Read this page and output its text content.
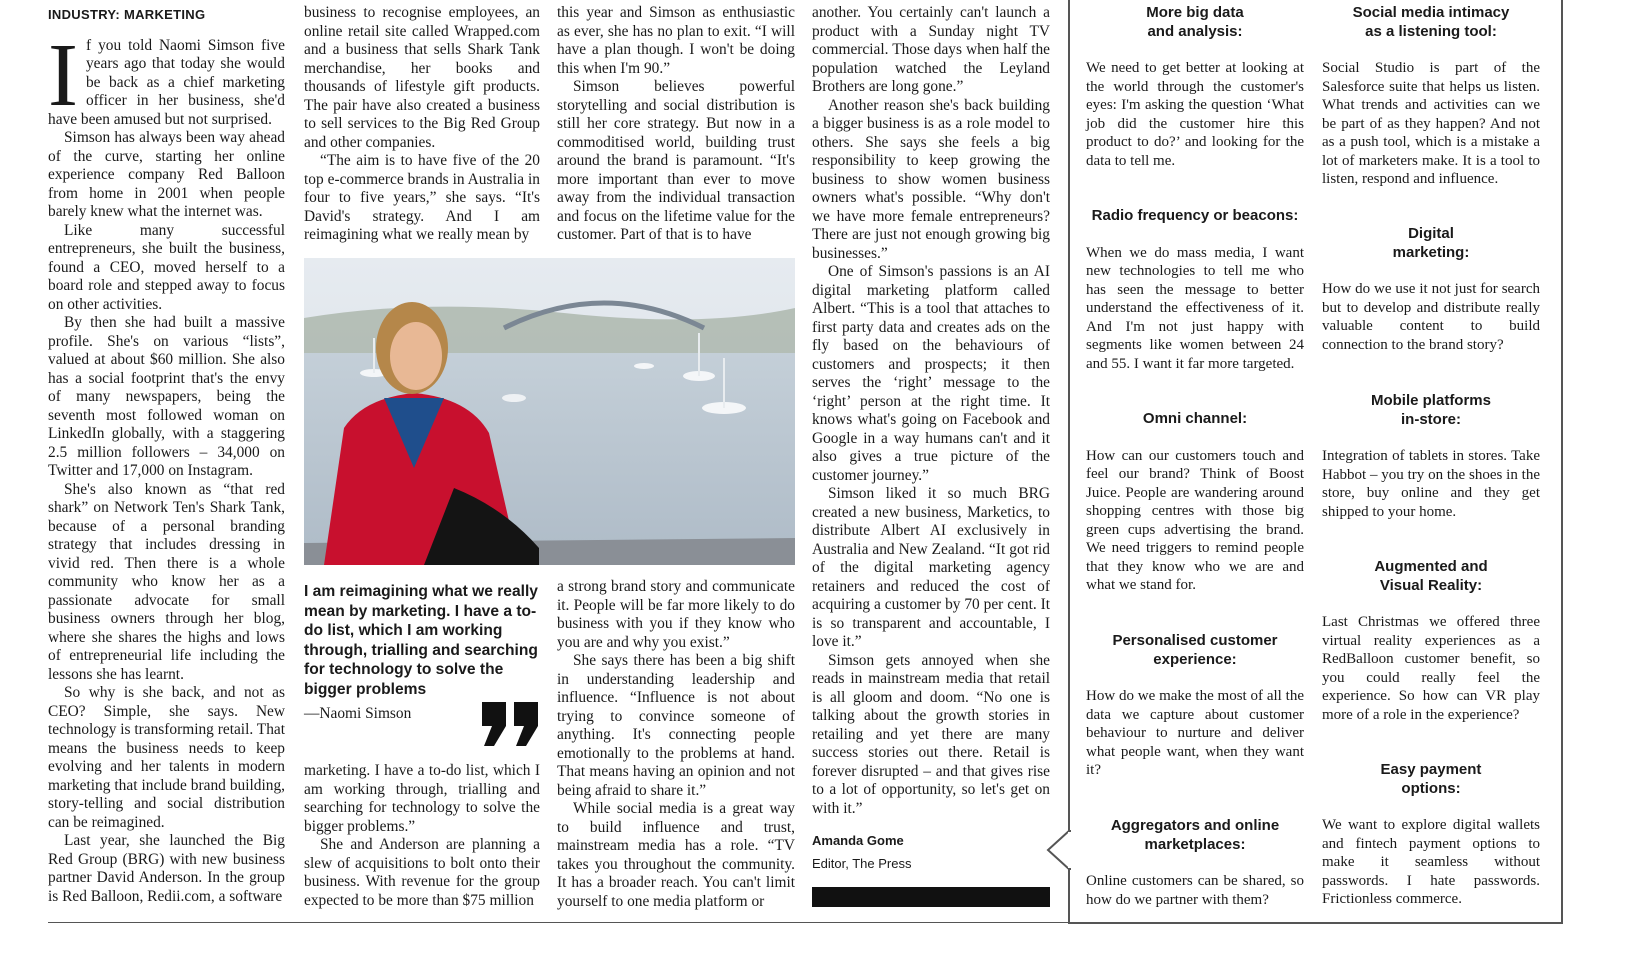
INDUSTRY: MARKETING
I f you told Naomi Simson five years ago that today she would be back as a chief marketing officer in her business, she'd have been amused but not surprised.

Simson has always been way ahead of the curve, starting her online experience company Red Balloon from home in 2001 when people barely knew what the internet was.

Like many successful entrepreneurs, she built the business, found a CEO, moved herself to a board role and stepped away to focus on other activities.

By then she had built a massive profile. She's on various “lists”, valued at about $60 million. She also has a social footprint that's the envy of many newspapers, being the seventh most followed woman on LinkedIn globally, with a staggering 2.5 million followers – 34,000 on Twitter and 17,000 on Instagram.

She's also known as “that red shark” on Network Ten's Shark Tank, because of a personal branding strategy that includes dressing in vivid red. Then there is a whole community who know her as a passionate advocate for small business owners through her blog, where she shares the highs and lows of entrepreneurial life including the lessons she has learnt.

So why is she back, and not as CEO? Simple, she says. New technology is transforming retail. That means the business needs to keep evolving and her talents in modern marketing that include brand building, story-telling and social distribution can be reimagined.

Last year, she launched the Big Red Group (BRG) with new business partner David Anderson. In the group is Red Balloon, Redii.com, a software

business to recognise employees, an online retail site called Wrapped.com and a business that sells Shark Tank merchandise, her books and thousands of lifestyle gift products. The pair have also created a business to sell services to the Big Red Group and other companies.

“The aim is to have five of the 20 top e-commerce brands in Australia in four to five years,” she says. “It's David's strategy. And I am reimagining what we really mean by

this year and Simson as enthusiastic as ever, she has no plan to exit. “I will have a plan though. I won't be doing this when I'm 90.”

Simson believes powerful storytelling and social distribution is still her core strategy. But now in a commoditised world, building trust around the brand is paramount. “It's more important than ever to move away from the individual transaction and focus on the lifetime value for the customer. Part of that is to have

I am reimagining what we really mean by marketing. I have a to-do list, which I am working through, trialling and searching for technology to solve the bigger problems
—Naomi Simson

marketing. I have a to-do list, which I am working through, trialling and searching for technology to solve the bigger problems.”

She and Anderson are planning a slew of acquisitions to bolt onto their business. With revenue for the group expected to be more than $75 million

a strong brand story and communicate it. People will be far more likely to do business with you if they know who you are and why you exist.”

She says there has been a big shift in understanding leadership and influence. “Influence is not about trying to convince someone of anything. It's connecting people emotionally to the problems at hand. That means having an opinion and not being afraid to share it.”

While social media is a great way to build influence and trust, mainstream media has a role. “TV takes you throughout the community. It has a broader reach. You can't limit yourself to one media platform or

another. You certainly can't launch a product with a Sunday night TV commercial. Those days when half the population watched the Leyland Brothers are long gone.”

Another reason she's back building a bigger business is as a role model to others. She says she feels a big responsibility to keep growing the business to show women business owners what's possible. “Why don't we have more female entrepreneurs? There are just not enough growing big businesses.”

One of Simson's passions is an AI digital marketing platform called Albert. “This is a tool that attaches to first party data and creates ads on the fly based on the behaviours of customers and prospects; it then serves the ‘right’ message to the ‘right’ person at the right time. It knows what's going on Facebook and Google in a way humans can't and it also gives a true picture of the customer journey.”

Simson liked it so much BRG created a new business, Marketics, to distribute Albert AI exclusively in Australia and New Zealand. “It got rid of the digital marketing agency retainers and reduced the cost of acquiring a customer by 70 per cent. It is so transparent and accountable, I love it.”

Simson gets annoyed when she reads in mainstream media that retail is all gloom and doom. “No one is talking about the growth stories in retailing and yet there are many success stories out there. Retail is forever disrupted – and that gives rise to a lot of opportunity, so let's get on with it.”

Amanda Gome
Editor, The Press
More big data
and analysis:

We need to get better at looking at the world through the customer's eyes: I'm asking the question ‘What job did the customer hire this product to do?’ and looking for the data to tell me.

Radio frequency or beacons:

When we do mass media, I want new technologies to tell me who has seen the message to better understand the effectiveness of it. And I'm not just happy with segments like women between 24 and 55. I want it far more targeted.

Omni channel:

How can our customers touch and feel our brand? Think of Boost Juice. People are wandering around shopping centres with those big green cups advertising the brand. We need triggers to remind people that they know who we are and what we stand for.

Personalised customer
experience:

How do we make the most of all the data we capture about customer behaviour to nurture and deliver what people want, when they want it?

Aggregators and online
marketplaces:

Online customers can be shared, so how do we partner with them?

Social media intimacy
as a listening tool:

Social Studio is part of the Salesforce suite that helps us listen. What trends and activities can we be part of as they happen? And not as a push tool, which is a mistake a lot of marketers make. It is a tool to listen, respond and influence.

Digital
marketing:

How do we use it not just for search but to develop and distribute really valuable content to build connection to the brand story?

Mobile platforms
in-store:

Integration of tablets in stores. Take Habbot – you try on the shoes in the store, buy online and they get shipped to your home.

Augmented and
Visual Reality:

Last Christmas we offered three virtual reality experiences as a RedBalloon customer benefit, so you could really feel the experience. So how can VR play more of a role in the experience?

Easy payment
options:

We want to explore digital wallets and fintech payment options to make it seamless without passwords. I hate passwords. Frictionless commerce.
